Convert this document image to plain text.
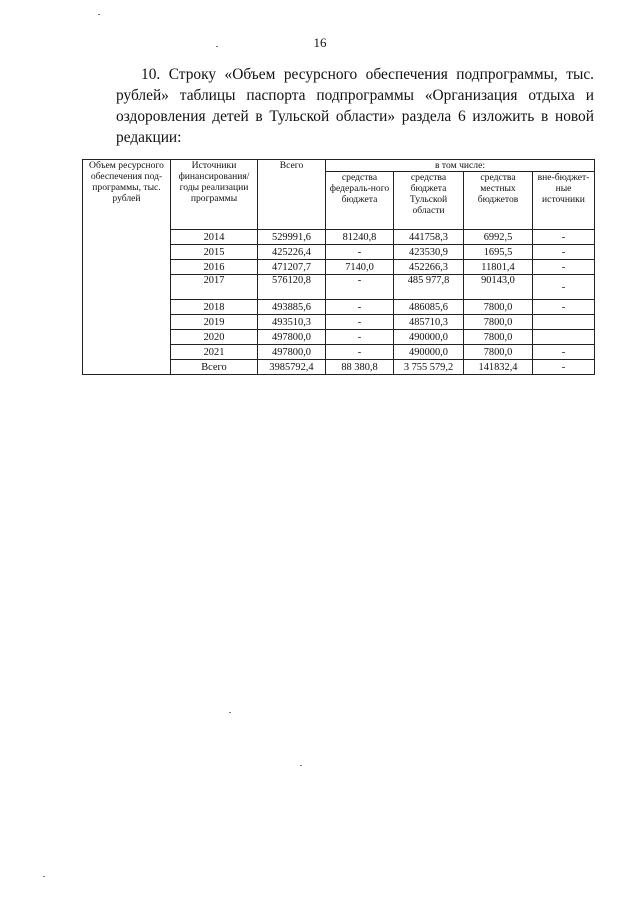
16
10. Строку «Объем ресурсного обеспечения подпрограммы, тыс. рублей» таблицы паспорта подпрограммы «Организация отдыха и оздоровления детей в Тульской области» раздела 6 изложить в новой редакции:
Объем ресурсного обеспечения под-программы, тыс. рублей	Источники финансирования/ годы реализации программы	Всего	в том числе:			
			средства федераль-ного бюджета	средства бюджета Тульской области	средства местных бюджетов	вне-бюджет-ные источники
	2014	529991,6	81240,8	441758,3	6992,5	-
	2015	425226,4	-	423530,9	1695,5	-
	2016	471207,7	7140,0	452266,3	11801,4	-
	2017	576120,8	-	485 977,8	90143,0	-
	2018	493885,6	-	486085,6	7800,0	-
	2019	493510,3	-	485710,3	7800,0	
	2020	497800,0	-	490000,0	7800,0	
	2021	497800,0	-	490000,0	7800,0	-
	Всего	3985792,4	88 380,8	3 755 579,2	141832,4	-
